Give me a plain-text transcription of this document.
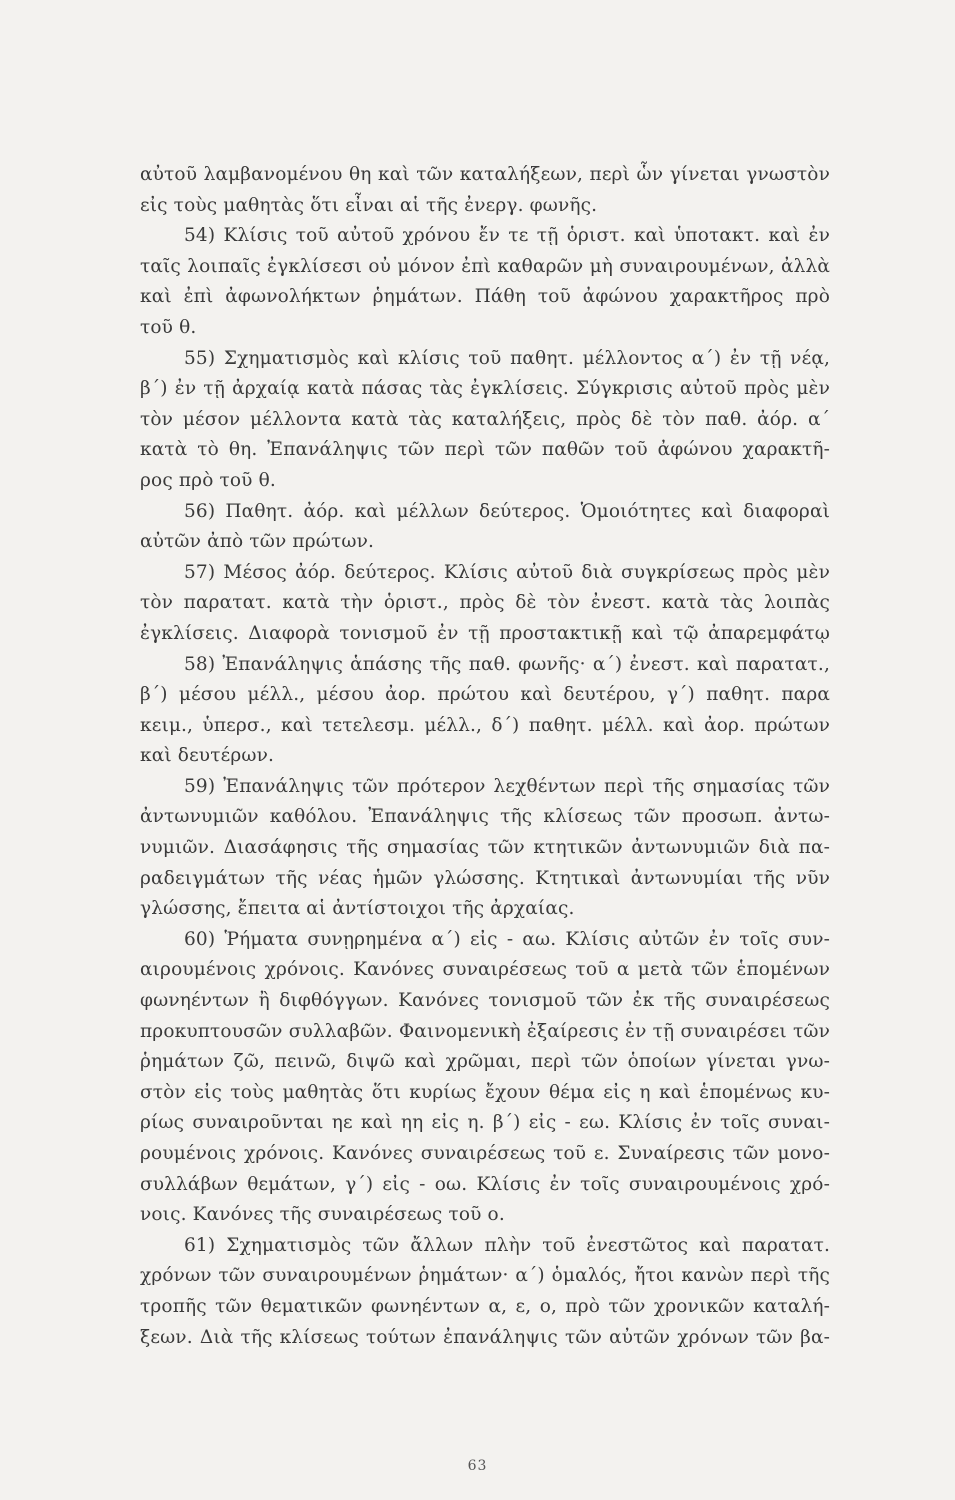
αὐτοῦ λαμβανομένου θη καὶ τῶν καταλήξεων, περὶ ὧν γίνεται γνωστὸν
εἰς τοὺς μαθητὰς ὅτι εἶναι αἱ τῆς ἐνεργ. φωνῆς.
54) Κλίσις τοῦ αὐτοῦ χρόνου ἔν τε τῇ ὁριστ. καὶ ὑποτακτ. καὶ ἐν
ταῖς λοιπαῖς ἐγκλίσεσι οὐ μόνον ἐπὶ καθαρῶν μὴ συναιρουμένων, ἀλλὰ
καὶ ἐπὶ ἀφωνολήκτων ῥημάτων. Πάθη τοῦ ἀφώνου χαρακτῆρος πρὸ
τοῦ θ.
55) Σχηματισμὸς καὶ κλίσις τοῦ παθητ. μέλλοντος α΄) ἐν τῇ νέᾳ,
β΄) ἐν τῇ ἀρχαίᾳ κατὰ πάσας τὰς ἐγκλίσεις. Σύγκρισις αὐτοῦ πρὸς μὲν
τὸν μέσον μέλλοντα κατὰ τὰς καταλήξεις, πρὸς δὲ τὸν παθ. ἀόρ. α΄
κατὰ τὸ θη. Ἐπανάληψις τῶν περὶ τῶν παθῶν τοῦ ἀφώνου χαρακτῆ-
ρος πρὸ τοῦ θ.
56) Παθητ. ἀόρ. καὶ μέλλων δεύτερος. Ὁμοιότητες καὶ διαφοραὶ
αὐτῶν ἀπὸ τῶν πρώτων.
57) Μέσος ἀόρ. δεύτερος. Κλίσις αὐτοῦ διὰ συγκρίσεως πρὸς μὲν
τὸν παρατατ. κατὰ τὴν ὁριστ., πρὸς δὲ τὸν ἐνεστ. κατὰ τὰς λοιπὰς
ἐγκλίσεις. Διαφορὰ τονισμοῦ ἐν τῇ προστακτικῇ καὶ τῷ ἀπαρεμφάτῳ
58) Ἐπανάληψις ἁπάσης τῆς παθ. φωνῆς· α΄) ἐνεστ. καὶ παρατατ.,
β΄) μέσου μέλλ., μέσου ἀορ. πρώτου καὶ δευτέρου, γ΄) παθητ. παρα
κειμ., ὑπερσ., καὶ τετελεσμ. μέλλ., δ΄) παθητ. μέλλ. καὶ ἀορ. πρώτων
καὶ δευτέρων.
59) Ἐπανάληψις τῶν πρότερον λεχθέντων περὶ τῆς σημασίας τῶν
ἀντωνυμιῶν καθόλου. Ἐπανάληψις τῆς κλίσεως τῶν προσωπ. ἀντω-
νυμιῶν. Διασάφησις τῆς σημασίας τῶν κτητικῶν ἀντωνυμιῶν διὰ πα-
ραδειγμάτων τῆς νέας ἡμῶν γλώσσης. Κτητικαὶ ἀντωνυμίαι τῆς νῦν
γλώσσης, ἔπειτα αἱ ἀντίστοιχοι τῆς ἀρχαίας.
60) Ῥήματα συνῃρημένα α΄) εἰς - αω. Κλίσις αὐτῶν ἐν τοῖς συν-
αιρουμένοις χρόνοις. Κανόνες συναιρέσεως τοῦ α μετὰ τῶν ἑπομένων
φωνηέντων ἢ διφθόγγων. Κανόνες τονισμοῦ τῶν ἐκ τῆς συναιρέσεως
προκυπτουσῶν συλλαβῶν. Φαινομενικὴ ἐξαίρεσις ἐν τῇ συναιρέσει τῶν
ῥημάτων ζῶ, πεινῶ, διψῶ καὶ χρῶμαι, περὶ τῶν ὁποίων γίνεται γνω-
στὸν εἰς τοὺς μαθητὰς ὅτι κυρίως ἔχουν θέμα εἰς η καὶ ἑπομένως κυ-
ρίως συναιροῦνται ηε καὶ ηη εἰς η. β΄) εἰς - εω. Κλίσις ἐν τοῖς συναι-
ρουμένοις χρόνοις. Κανόνες συναιρέσεως τοῦ ε. Συναίρεσις τῶν μονο-
συλλάβων θεμάτων, γ΄) εἰς - οω. Κλίσις ἐν τοῖς συναιρουμένοις χρό-
νοις. Κανόνες τῆς συναιρέσεως τοῦ ο.
61) Σχηματισμὸς τῶν ἄλλων πλὴν τοῦ ἐνεστῶτος καὶ παρατατ.
χρόνων τῶν συναιρουμένων ῥημάτων· α΄) ὁμαλός, ἤτοι κανὼν περὶ τῆς
τροπῆς τῶν θεματικῶν φωνηέντων α, ε, ο, πρὸ τῶν χρονικῶν καταλή-
ξεων. Διὰ τῆς κλίσεως τούτων ἐπανάληψις τῶν αὐτῶν χρόνων τῶν βα-
63
